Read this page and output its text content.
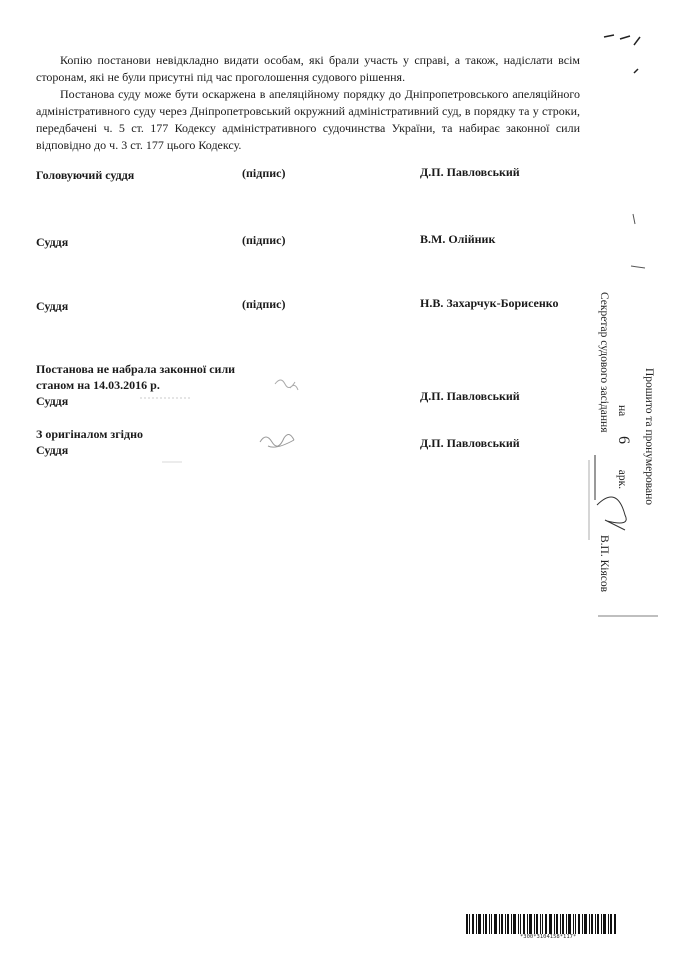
Копію постанови невідкладно видати особам, які брали участь у справі, а також, надіслати всім сторонам, які не були присутні під час проголошення судового рішення.
Постанова суду може бути оскаржена в апеляційному порядку до Дніпропетровського апеляційного адміністративного суду через Дніпропетровський окружний адміністративний суд, в порядку та у строки, передбачені ч. 5 ст. 177 Кодексу адміністративного судочинства України, та набирає законної сили відповідно до ч. 3 ст. 177 цього Кодексу.
Головуючий суддя	(підпис)	Д.П. Павловський
Суддя	(підпис)	В.М. Олійник
Суддя	(підпис)	Н.В. Захарчук-Борисенко
Постанова не набрала законної сили
станом на 14.03.2016 р.
Суддя	Д.П. Павловський
З оригіналом згідно
Суддя	Д.П. Павловський	Прошито та пронумеровано
на  6  арк.
Секретар судового засідання
В.П. Кіясов
*300*3104158*117*
